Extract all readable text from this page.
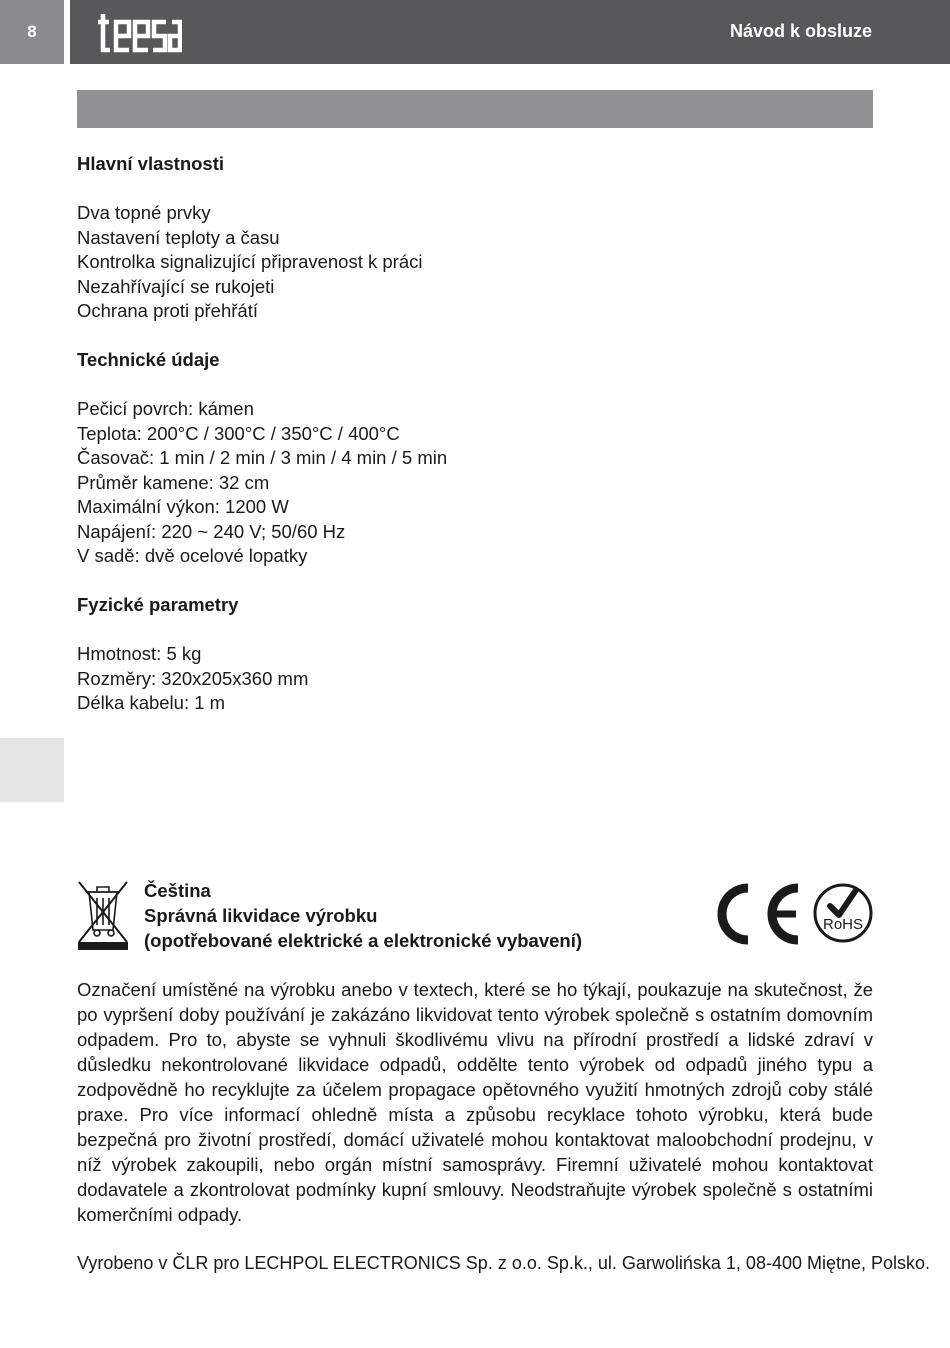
8	Návod k obsluze
Hlavní vlastnosti
Dva topné prvky
Nastavení teploty a času
Kontrolka signalizující připravenost k práci
Nezahřívající se rukojeti
Ochrana proti přehřátí
Technické údaje
Pečicí povrch: kámen
Teplota: 200°C / 300°C / 350°C / 400°C
Časovač: 1 min / 2 min / 3 min / 4 min / 5 min
Průměr kamene: 32 cm
Maximální výkon: 1200 W
Napájení: 220 ~ 240 V; 50/60 Hz
V sadě: dvě ocelové lopatky
Fyzické parametry
Hmotnost: 5 kg
Rozměry: 320x205x360 mm
Délka kabelu: 1 m
Čeština
Správná likvidace výrobku
(opotřebované elektrické a elektronické vybavení)
RoHS

Označení umístěné na výrobku anebo v textech, které se ho týkají, poukazuje na skutečnost, že po vypršení doby používání je zakázáno likvidovat tento výrobek společně s ostatním domovním odpadem. Pro to, abyste se vyhnuli škodlivému vlivu na přírodní prostředí a lidské zdraví v důsledku nekontrolované likvidace odpadů, oddělte tento výrobek od odpadů jiného typu a zodpovědně ho recyklujte za účelem propagace opětovného využití hmotných zdrojů coby stálé praxe. Pro více informací ohledně místa a způsobu recyklace tohoto výrobku, která bude bezpečná pro životní prostředí, domácí uživatelé mohou kontaktovat maloobchodní prodejnu, v níž výrobek zakoupili, nebo orgán místní samosprávy. Firemní uživatelé mohou kontaktovat dodavatele a zkontrolovat podmínky kupní smlouvy. Neodstraňujte výrobek společně s ostatními komerčními odpady.

Vyrobeno v ČLR pro LECHPOL ELECTRONICS Sp. z o.o. Sp.k., ul. Garwolińska 1, 08-400 Miętne, Polsko.
